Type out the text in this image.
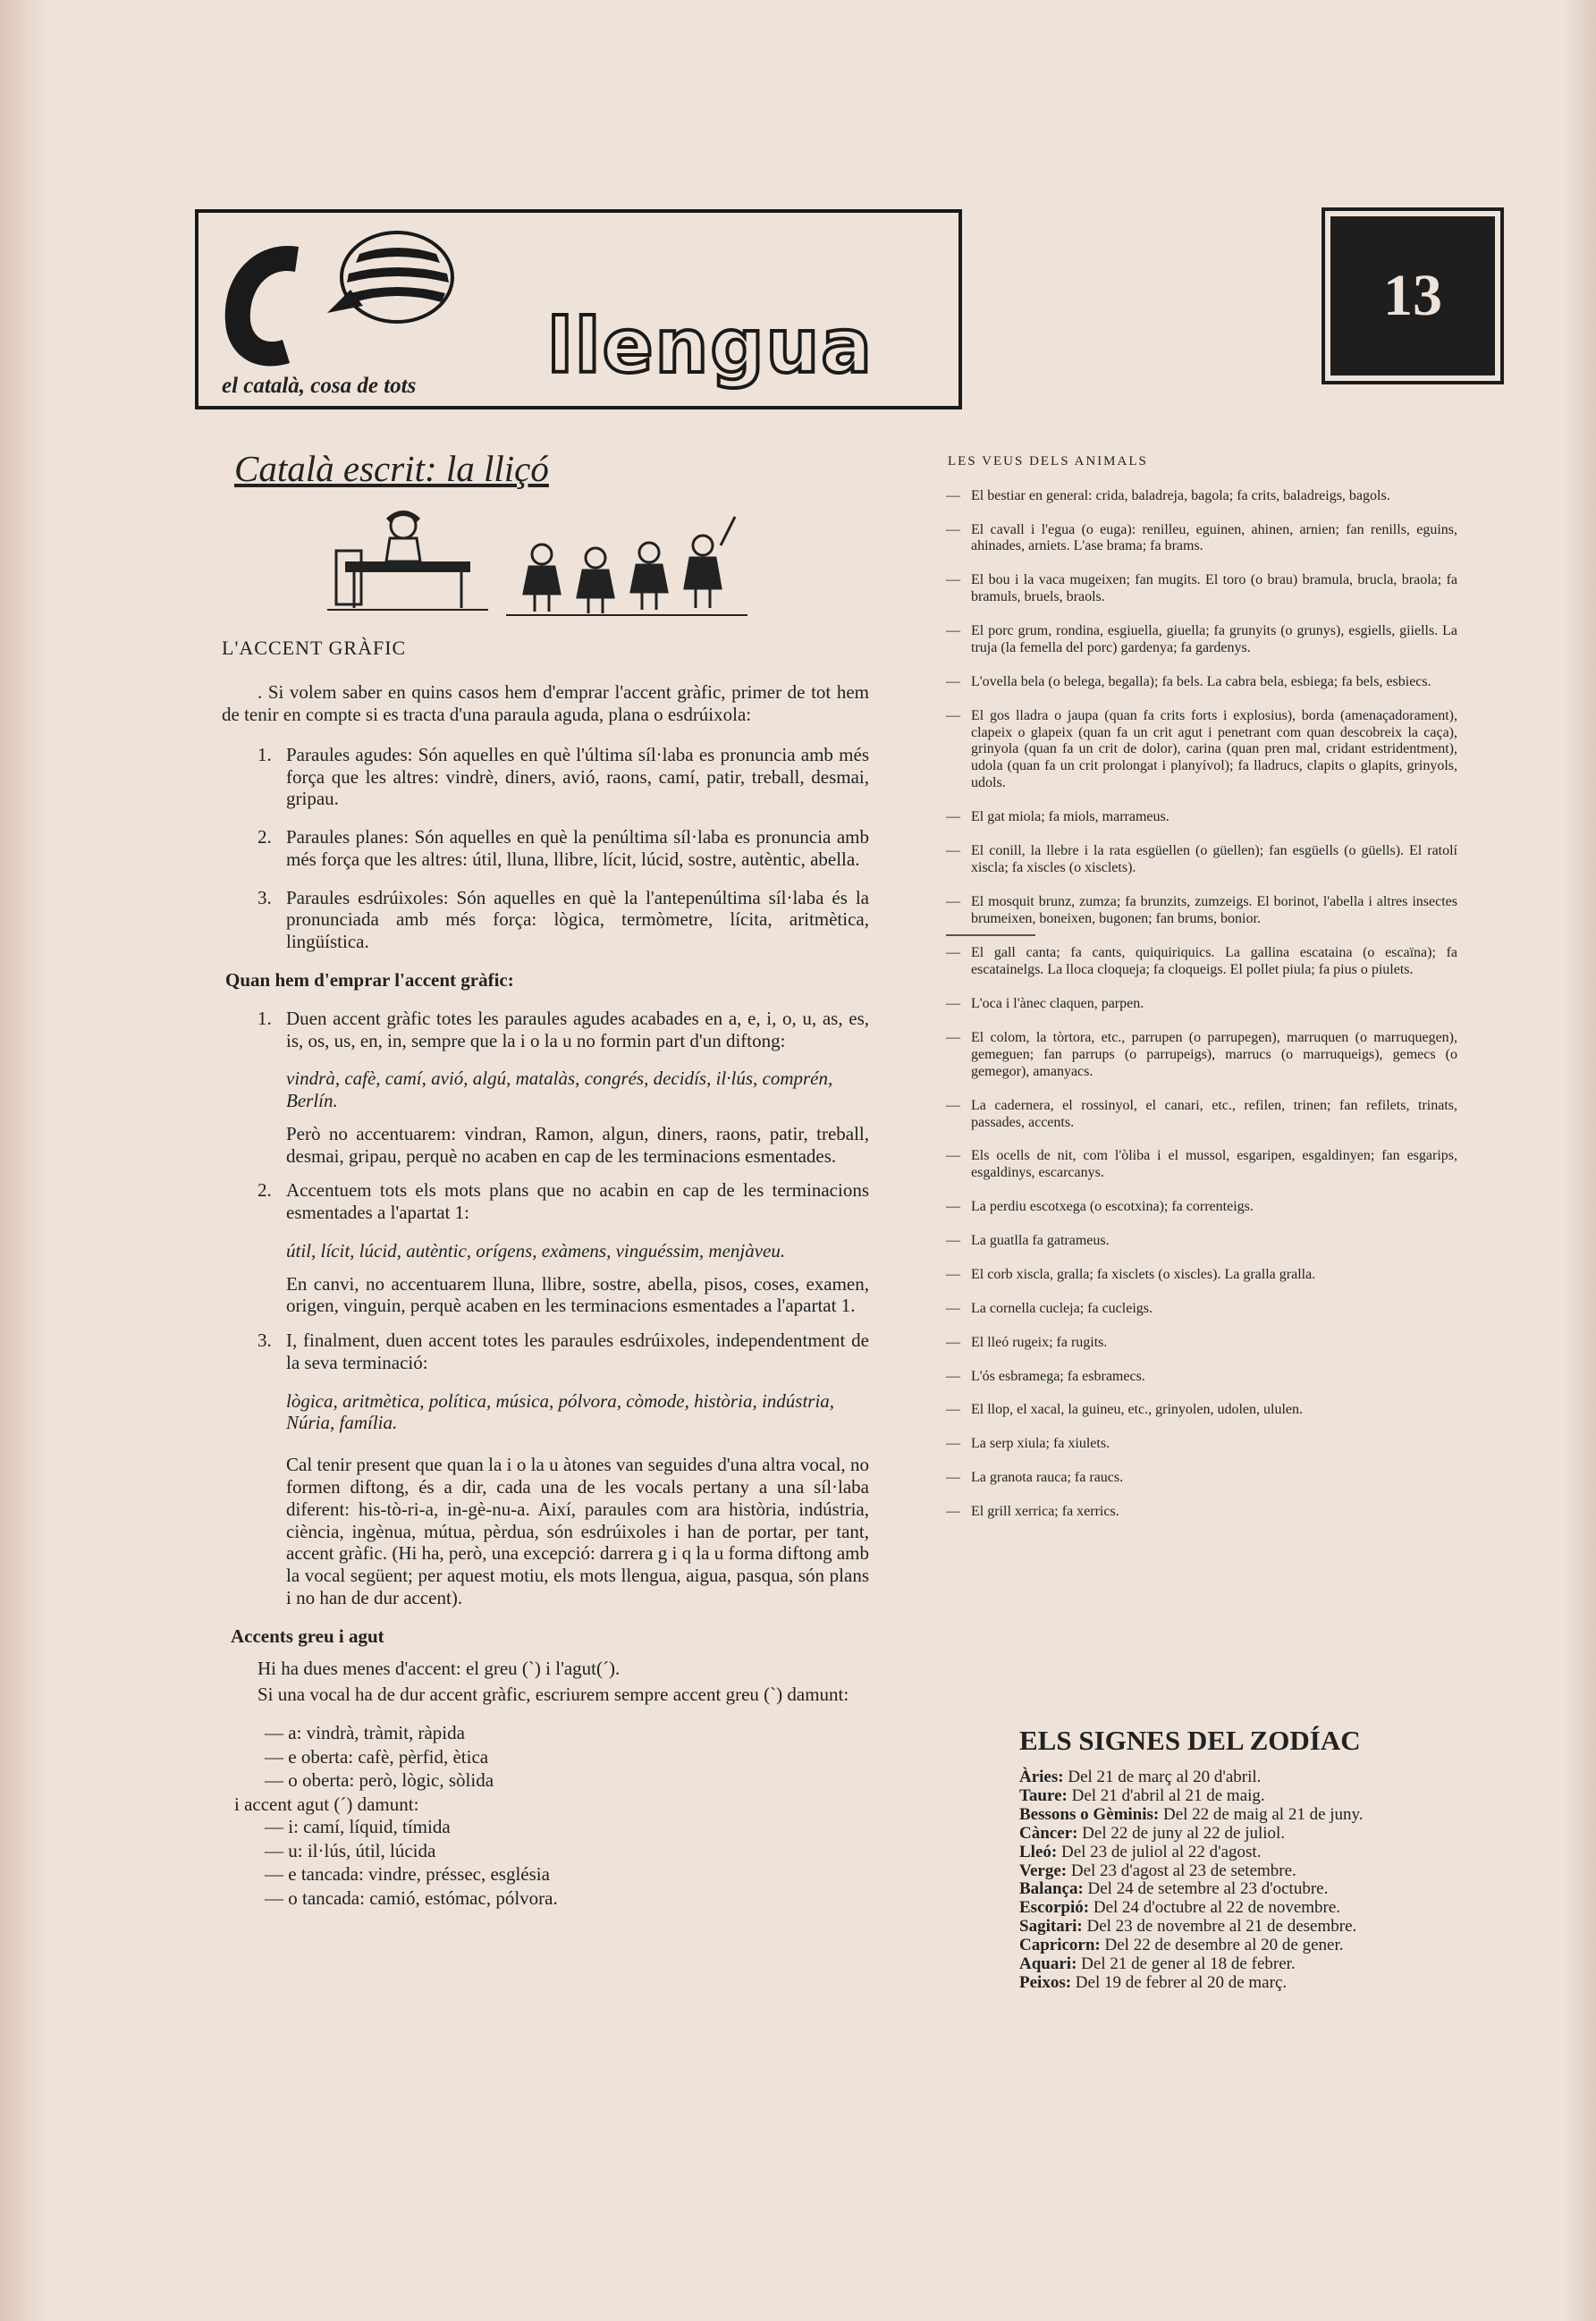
el català, cosa de tots llengua
13
Català escrit: la lliçó
L'ACCENT GRÀFIC

. Si volem saber en quins casos hem d'emprar l'accent gràfic, primer de tot hem de tenir en compte si es tracta d'una paraula aguda, plana o esdrúixola:

1. Paraules agudes: Són aquelles en què l'última síl·laba es pronuncia amb més força que les altres: vindrè, diners, avió, raons, camí, patir, treball, desmai, gripau.
2. Paraules planes: Són aquelles en què la penúltima síl·laba es pronuncia amb més força que les altres: útil, lluna, llibre, lícit, lúcid, sostre, autèntic, abella.
3. Paraules esdrúixoles: Són aquelles en què la l'antepenúltima síl·laba és la pronunciada amb més força: lògica, termòmetre, lícita, aritmètica, lingüística.
Quan hem d'emprar l'accent gràfic:
1. Duen accent gràfic totes les paraules agudes acabades en a, e, i, o, u, as, es, is, os, us, en, in, sempre que la i o la u no formin part d'un diftong:
vindrà, cafè, camí, avió, algú, matalàs, congrés, decidís, il·lús, comprén, Berlín.
Però no accentuarem: vindran, Ramon, algun, diners, raons, patir, treball, desmai, gripau, perquè no acaben en cap de les terminacions esmentades.
2. Accentuem tots els mots plans que no acabin en cap de les terminacions esmentades a l'apartat 1:
útil, lícit, lúcid, autèntic, orígens, exàmens, vinguéssim, menjàveu.
En canvi, no accentuarem lluna, llibre, sostre, abella, pisos, coses, examen, origen, vinguin, perquè acaben en les terminacions esmentades a l'apartat 1.
3. I, finalment, duen accent totes les paraules esdrúixoles, independentment de la seva terminació:
lògica, aritmètica, política, música, pólvora, còmode, història, indústria, Núria, família.
Cal tenir present que quan la i o la u àtones van seguides d'una altra vocal, no formen diftong, és a dir, cada una de les vocals pertany a una síl·laba diferent: his-tò-ri-a, in-gè-nu-a. Així, paraules com ara història, indústria, ciència, ingènua, mútua, pèrdua, són esdrúixoles i han de portar, per tant, accent gràfic. (Hi ha, però, una excepció: darrera g i q la u forma diftong amb la vocal següent; per aquest motiu, els mots llengua, aigua, pasqua, són plans i no han de dur accent).
Accents greu i agut
Hi ha dues menes d'accent: el greu (`) i l'agut(´).
Si una vocal ha de dur accent gràfic, escriurem sempre accent greu (`) damunt:
— a: vindrà, tràmit, ràpida
— e oberta: cafè, pèrfid, ètica
— o oberta: però, lògic, sòlida
i accent agut (´) damunt:
— i: camí, líquid, tímida
— u: il·lús, útil, lúcida
— e tancada: vindre, préssec, església
— o tancada: camió, estómac, pólvora.
LES VEUS DELS ANIMALS
— El bestiar en general: crida, baladreja, bagola; fa crits, baladreigs, bagols.
— El cavall i l'egua (o euga): renilleu, eguinen, ahinen, arnien; fan renills, eguins, ahinades, arniets. L'ase brama; fa brams.
— El bou i la vaca mugeixen; fan mugits. El toro (o brau) bramula, brucla, braola; fa bramuls, bruels, braols.
— El porc grum, rondina, esgiuella, giuella; fa grunyits (o grunys), esgiells, giiells. La truja (la femella del porc) gardenya; fa gardenys.
— L'ovella bela (o belega, begalla); fa bels. La cabra bela, esbiega; fa bels, esbiecs.
— El gos lladra o jaupa (quan fa crits forts i explosius), borda (amenaçadorament), clapeix o glapeix (quan fa un crit agut i penetrant com quan descobreix la caça), grinyola (quan fa un crit de dolor), carina (quan pren mal, cridant estridentment), udola (quan fa un crit prolongat i planyívol); fa lladrucs, clapits o glapits, grinyols, udols.
— El gat miola; fa miols, marrameus.
— El conill, la llebre i la rata esgüellen (o güellen); fan esgüells (o güells). El ratolí xiscla; fa xiscles (o xisclets).
— El mosquit brunz, zumza; fa brunzits, zumzeigs. El borinot, l'abella i altres insectes brumeixen, boneixen, bugonen; fan brums, bonior.
— El gall canta; fa cants, quiquiriquics. La gallina escataina (o escaïna); fa escatainelgs. La lloca cloqueja; fa cloqueigs. El pollet piula; fa pius o piulets.
— L'oca i l'ànec claquen, parpen.
— El colom, la tòrtora, etc., parrupen (o parrupegen), marruquen (o marruquegen), gemeguen; fan parrups (o parrupeigs), marrucs (o marruqueigs), gemecs (o gemegor), amanyacs.
— La cadernera, el rossinyol, el canari, etc., refilen, trinen; fan refilets, trinats, passades, accents.
— Els ocells de nit, com l'òliba i el mussol, esgaripen, esgaldinyen; fan esgarips, esgaldinys, escarcanys.
— La perdiu escotxega (o escotxina); fa correnteigs.
— La guatlla fa gatrameus.
— El corb xiscla, gralla; fa xisclets (o xiscles). La gralla gralla.
— La cornella cucleja; fa cucleigs.
— El lleó rugeix; fa rugits.
— L'ós esbramega; fa esbramecs.
— El llop, el xacal, la guineu, etc., grinyolen, udolen, ululen.
— La serp xiula; fa xiulets.
— La granota rauca; fa raucs.
— El grill xerrica; fa xerrics.
ELS SIGNES DEL ZODÍAC
Àries: Del 21 de març al 20 d'abril.
Taure: Del 21 d'abril al 21 de maig.
Bessons o Gèminis: Del 22 de maig al 21 de juny.
Càncer: Del 22 de juny al 22 de juliol.
Lleó: Del 23 de juliol al 22 d'agost.
Verge: Del 23 d'agost al 23 de setembre.
Balança: Del 24 de setembre al 23 d'octubre.
Escorpió: Del 24 d'octubre al 22 de novembre.
Sagitari: Del 23 de novembre al 21 de desembre.
Capricorn: Del 22 de desembre al 20 de gener.
Aquari: Del 21 de gener al 18 de febrer.
Peixos: Del 19 de febrer al 20 de març.
